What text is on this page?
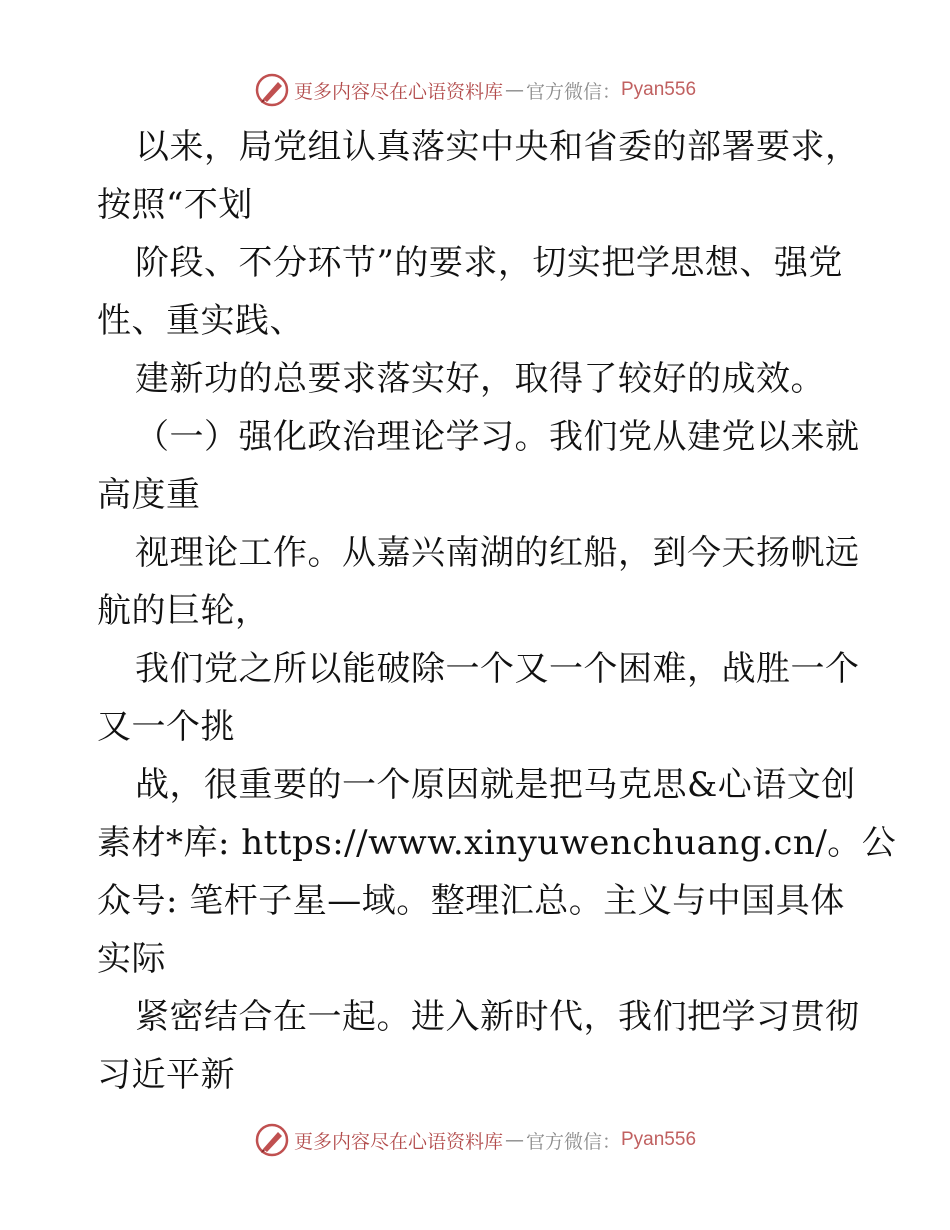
更多内容尽在心语资料库 — 官方微信： Pyan556
以来，局党组认真落实中央和省委的部署要求，
按照“不划
阶段、不分环节”的要求，切实把学思想、强党
性、重实践、
建新功的总要求落实好，取得了较好的成效。
（一）强化政治理论学习。我们党从建党以来就
高度重
视理论工作。从嘉兴南湖的红船，到今天扬帆远
航的巨轮，
我们党之所以能破除一个又一个困难，战胜一个
又一个挑
战，很重要的一个原因就是把马克思&心语文创
素材*库: https://www.xinyuwenchuang.cn/。公
众号: 笔杆子星—域。整理汇总。主义与中国具体
实际
紧密结合在一起。进入新时代，我们把学习贯彻
习近平新
更多内容尽在心语资料库 — 官方微信： Pyan556
